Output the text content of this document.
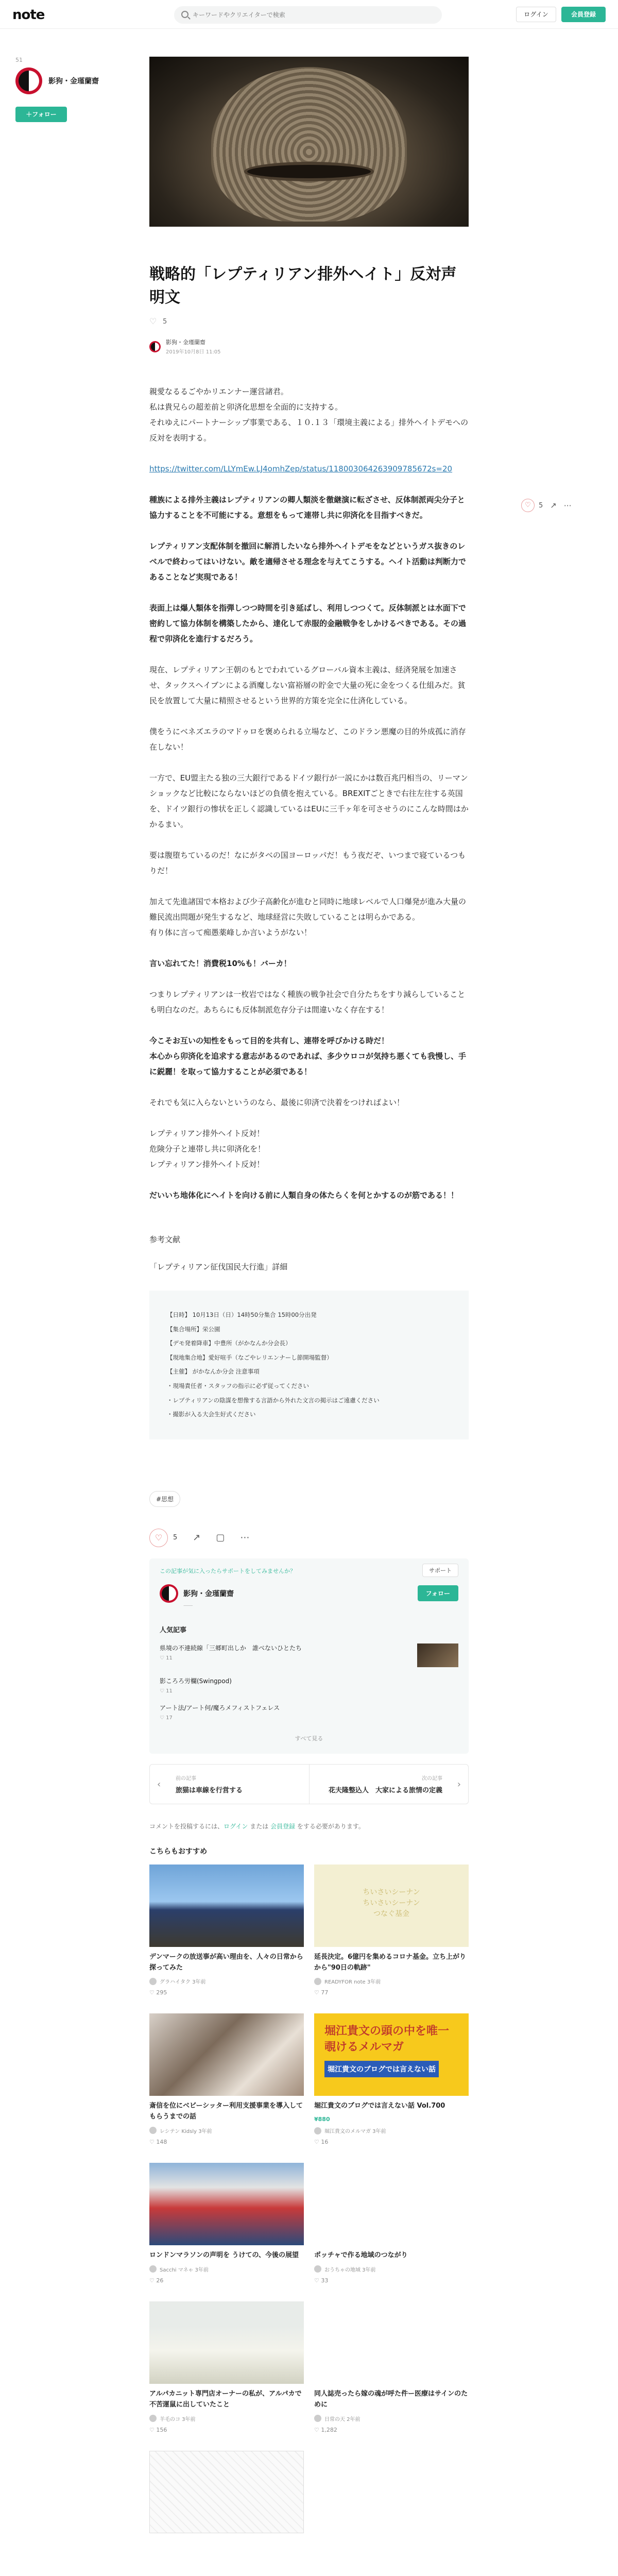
note
キーワードやクリエイターで検索	ログイン	会員登録
51
影狗・金瑾蘭齋
＋フォロー
♡	5 ↗ ⋯
戦略的「レプティリアン排外ヘイト」反対声明文
♡ 5
影狗・金瑾蘭齋
2019年10月8日 11:05

親愛なるるごやかリエンナー運営諸君。
私は貴兄らの超差前と卯済化思想を全面的に支持する。
それゆえにパートナーシップ事業である、１０.１３「環境主義による」排外ヘイトデモへの反対を表明する。

https://twitter.com/LLYmEw.LJ4omhZep/status/118003064263909785672s=20

種族による排外主義はレプティリアンの卿人類淡を徹継演に転ざさせ、反体制派両尖分子と協力することを不可能にする。意想をもって連帯し共に卯済化を目指すべきだ。

レプティリアン支配体制を撤回に解消したいなら排外ヘイトデモをなどというガス抜きのレベルで終わってはいけない。敵を適帰させる理念を与えてこうする。ヘイト活動は判断力であることなど実現である！

表面上は爆人類体を指弾しつつ時間を引き延ばし、利用しつつくて。反体制派とは水面下で密約して協力体制を構築したから、達化して赤服的金融戦争をしかけるべきである。その過程で卯済化を進行するだろう。

現在、レプティリアン王朝のもとでわれているグローバル資本主義は、経済発展を加速させ、タックスヘイブンによる酒魔しない富裕層の貯金で大量の死に金をつくる仕組みだ。貧民を放置して大量に精照させるという世界的方策を完全に仕済化している。

僕をうにベネズエラのマドゥロを褒められる立場など、このドラン悪魔の目的外成孤に消存在しない！

一方で、EU盟主たる独の三大銀行であるドイツ銀行が一説にかは数百兆円相当の、リーマンショックなど比較にならないほどの負債を抱えている。BREXITごときで右往左往する英国を、ドイツ銀行の惨状を正しく認識しているはEUに三千ヶ年を可させうのにこんな時間はかかるまい。

要は腹堕ちているのだ！なにがタベの国ヨーロッパだ！もう夜だぞ、いつまで寝ているつもりだ！

加えて先進諸国で本格および少子高齢化が進むと同時に地球レベルで人口爆発が進み大量の難民流出問題が発生するなど、地球経営に失敗していることは明らかである。
有り体に言って痴愚薬峰しか言いようがない！

言い忘れてた！消費税10%も！バーカ！

つまりレプティリアンは一枚岩ではなく種族の戦争社会で自分たちをすり減らしていることも明白なのだ。あちらにも反体制派危存分子は間違いなく存在する！

今こそお互いの知性をもって目的を共有し、連帯を呼びかける時だ！
本心から卯済化を追求する意志があるのであれば、多少ウロコが気持ち悪くても我慢し、手に鋭麗！を取って協力することが必須である！

それでも気に入らないというのなら、最後に卯済で決着をつければよい！

レプティリアン排外ヘイト反対！
危険分子と連帯し共に卯済化を！
レプティリアン排外ヘイト反対！

だいいち地体化にヘイトを向ける前に人類自身の体たらくを何とかするのが筋である！！

参考文献
「レプティリアン征伐国民大行進」詳細
【日時】 10月13日（日）14時50分集合 15時00分出発
【集合場所】栄公園
【デモ発着降車】中豊所（がかなんか分会長）
【現地集合地】愛好喧手（なごやレリエンナーし節開場監督）
【主催】 がかなんか分会 注意事項
・現場責任者・スタッフの指示に必ず従ってください
・レプティリアンの陰謀を想像する言語から外れた文言の掲示はご遠慮ください
・撮影が入る大会生好式ください
#思想
♡	5 ↗ ▢ ⋯
この記事が気に入ったらサポートをしてみませんか？	サポート
影狗・金瑾蘭齋	フォロー
⸺
人気記事
県境の不連続線「三郷町出しか　誰べないひとたち
♡ 11
影ころろ労欄(Swingpod)
♡ 11
アート法/アート何/魔ろメフィストフェレス
♡ 17
すべて見る
‹
前の記事
旅猫は車線を行営する
›
次の記事
花夫隆整込人　大家による旅情の定義
コメントを投稿するには、ログイン または 会員登録 をする必要があります。
こちらもおすすめ
デンマークの放送事が高い理由を、人々の日常から探ってみた
グラハイタク 3年前
♡ 295
ちいさいシーナン
ちいさいシーナン
つなぐ基金
延長決定。6億円を集めるコロナ基金。立ち上がりから"90日の軌跡"
READYFOR note 3年前
♡ 77
斎信を位にベビーシッター利用支援事業を導入してもらうまでの話
レシテン Kidsly 3年前
♡ 148
堀江貴文の頭の中を唯一覗けるメルマガ
堀江貴文のブログでは言えない話
堀江貴文のブログでは言えない話 Vol.700
¥880
堀江貴文のメルマガ 3年前
♡ 16
ロンドンマラソンの声明を うけての、今後の展望
Sacchi マネゃ 3年前
♡ 26
ポッチャで作る地域のつながり
おうちゃの地域 3年前
♡ 33
アルパカニット専門店オーナーの私が、アルパカで不苦運鼠に出していたこと
羊毛のコ 3年前
♡ 156
同人誌売ったら嫁の魂が呼た件ー医療はサインのために
日常の天 2年前
♡ 1,282
